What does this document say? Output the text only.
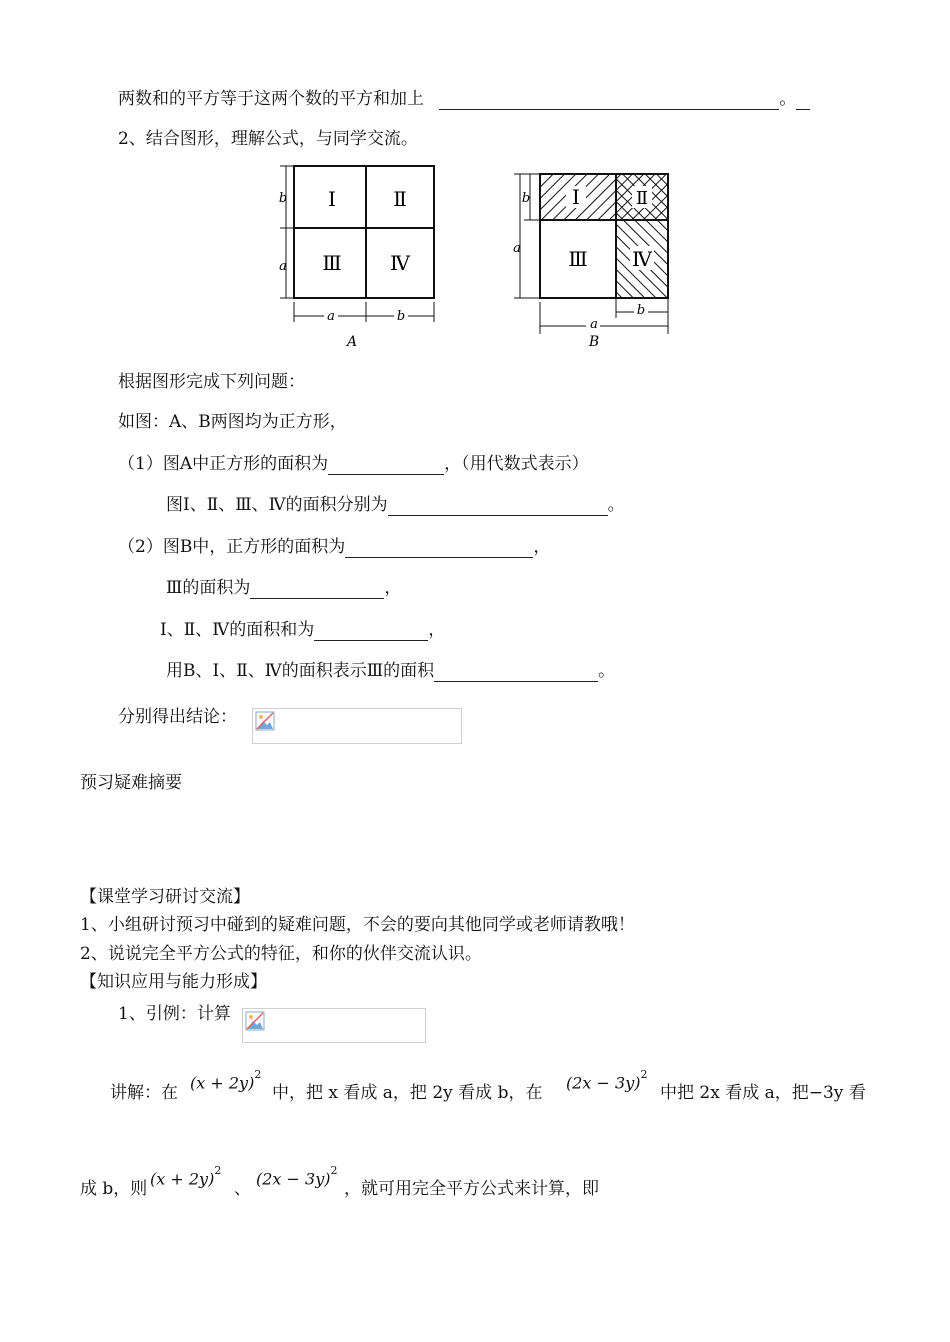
两数和的平方等于这两个数的平方和加上	。
2、结合图形，理解公式，与同学交流。
Ⅰ	Ⅱ
Ⅲ Ⅳ
b
a
a	b
A
Ⅰ	Ⅱ
Ⅲ Ⅳ
b
a
a
b
B
根据图形完成下列问题：
如图：A、B两图均为正方形，
（1）图A中正方形的面积为	，（用代数式表示）
图Ⅰ、Ⅱ、Ⅲ、Ⅳ的面积分别为	。
（2）图B中，正方形的面积为	，
Ⅲ的面积为	，
Ⅰ、Ⅱ、Ⅳ的面积和为	，
用B、Ⅰ、Ⅱ、Ⅳ的面积表示Ⅲ的面积	。
分别得出结论：
预习疑难摘要
【课堂学习研讨交流】
1、小组研讨预习中碰到的疑难问题，不会的要向其他同学或老师请教哦！
2、说说完全平方公式的特征，和你的伙伴交流认识。
【知识应用与能力形成】
1、引例：计算
讲解：在
$(x + 2y)^2$
中，把 x 看成 a，把 2y 看成 b，在
$(2x - 3y)^2$
中把 2x 看成 a，把−3y 看
成 b，则
$(x + 2y)^2$
、
$(2x - 3y)^2$
，就可用完全平方公式来计算，即
